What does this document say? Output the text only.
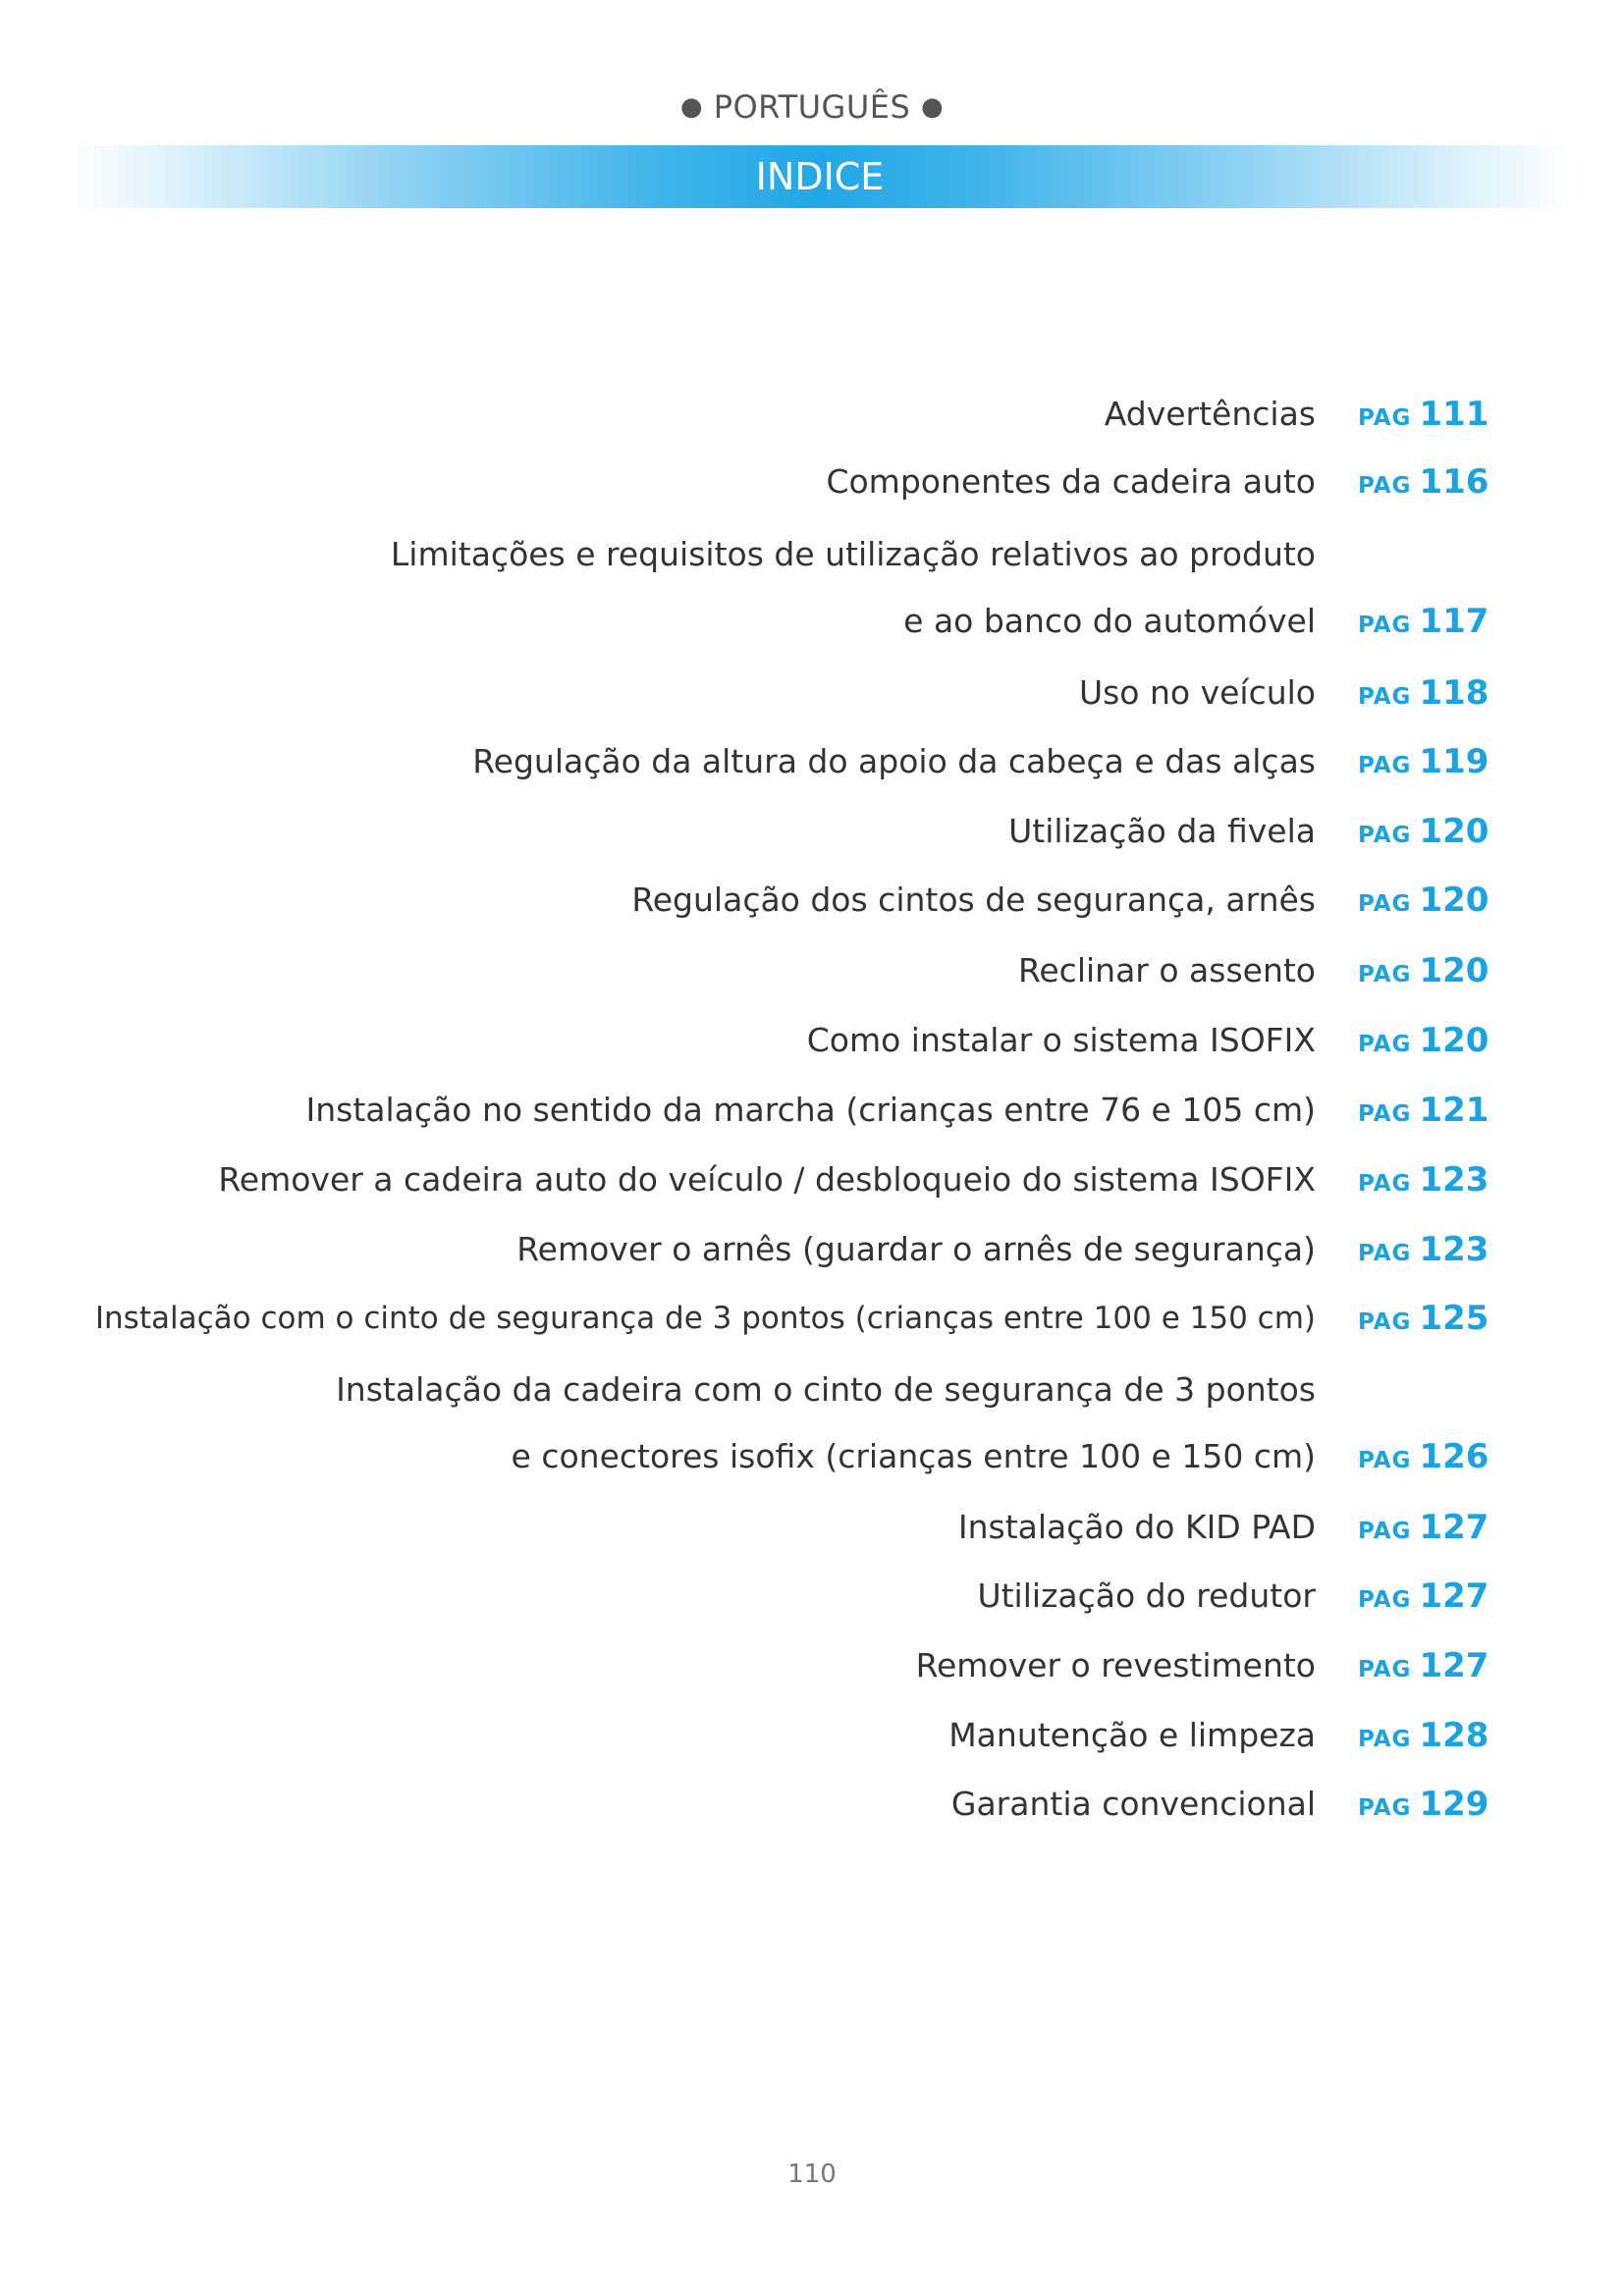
● PORTUGUÊS ●
INDICE
Advertências PAG 111
Componentes da cadeira auto PAG 116
Limitações e requisitos de utilização relativos ao produto
e ao banco do automóvel PAG 117
Uso no veículo PAG 118
Regulação da altura do apoio da cabeça e das alças PAG 119
Utilização da fivela PAG 120
Regulação dos cintos de segurança, arnês PAG 120
Reclinar o assento PAG 120
Como instalar o sistema ISOFIX PAG 120
Instalação no sentido da marcha (crianças entre 76 e 105 cm) PAG 121
Remover a cadeira auto do veículo / desbloqueio do sistema ISOFIX PAG 123
Remover o arnês (guardar o arnês de segurança) PAG 123
Instalação com o cinto de segurança de 3 pontos (crianças entre 100 e 150 cm) PAG 125
Instalação da cadeira com o cinto de segurança de 3 pontos
e conectores isofix (crianças entre 100 e 150 cm) PAG 126
Instalação do KID PAD PAG 127
Utilização do redutor PAG 127
Remover o revestimento PAG 127
Manutenção e limpeza PAG 128
Garantia convencional PAG 129
110
